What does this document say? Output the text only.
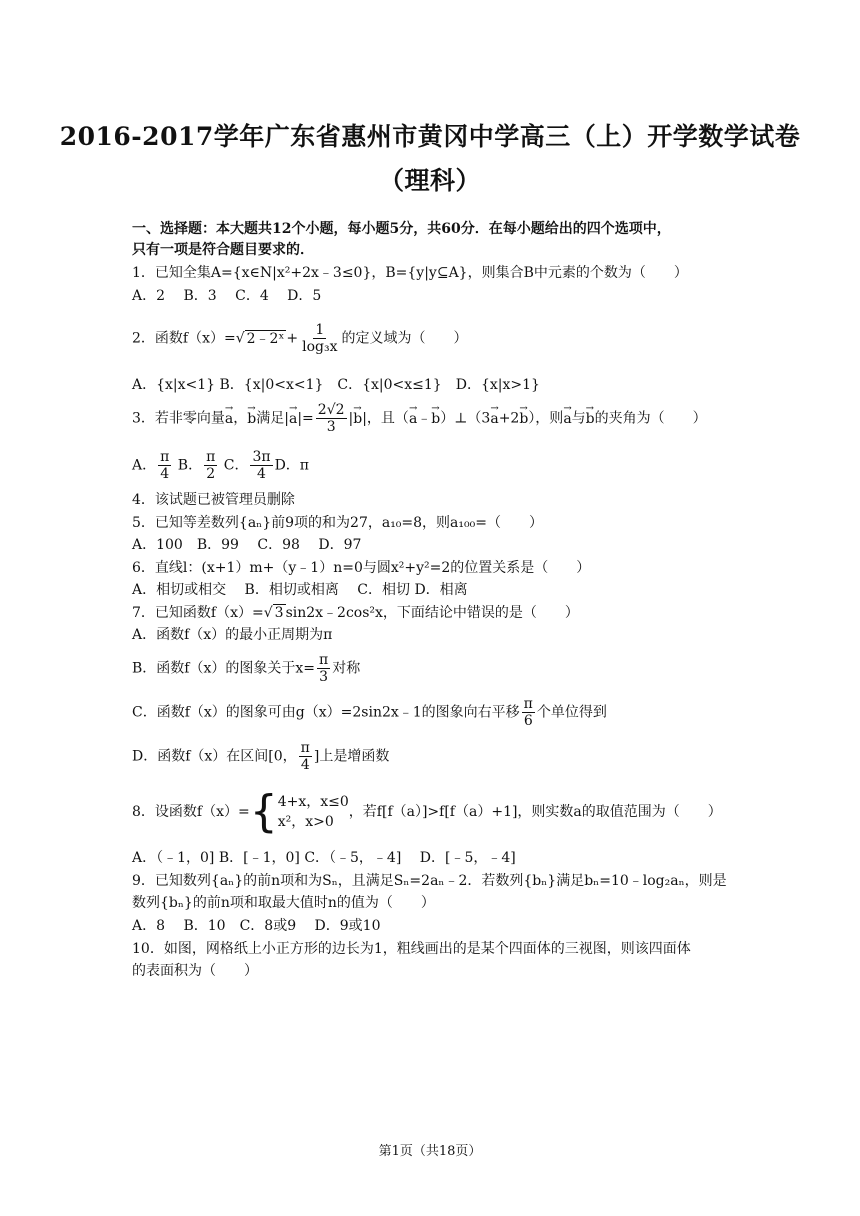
2016-2017学年广东省惠州市黄冈中学高三（上）开学数学试卷
（理科）
一、选择题：本大题共12个小题，每小题5分，共60分．在每小题给出的四个选项中，
只有一项是符合题目要求的．
1．已知全集A={x∈N|x²+2x﹣3≤0}，B={y|y⊆A}，则集合B中元素的个数为（　　）
A．2　 B．3　 C．4　 D．5
2．函数f（x）=√ 2﹣2ˣ + $\frac{1}{\text{log₃x}}$ 的定义域为（　　）
A．{x|x<1} B．{x|0<x<1}　C．{x|0<x≤1}　D．{x|x>1}
3．若非零向量→ a，→ b满足|→ $a|= \frac{2√2}{3}$ |→ b|，且（→ a﹣→ b）⊥（3→ a+2→ b），则→ a与→ b的夹角为（　　）
A． $\frac{\pi}{4}$ B． $\frac{\pi}{2}$ C． $\frac{3\pi}{4}$ D．π
4．该试题已被管理员删除
5．已知等差数列{aₙ}前9项的和为27，a₁₀=8，则a₁₀₀=（　　）
A．100　B．99　 C．98　 D．97
6．直线l：(x+1）m+（y﹣1）n=0与圆x²+y²=2的位置关系是（　　）
A．相切或相交　 B．相切或相离　 C．相切 D．相离
7．已知函数f（x）=√ 3 sin2x﹣2cos²x，下面结论中错误的是（　　）
A．函数f（x）的最小正周期为π
B．函数f（x）的图象关于$x= \frac{\pi}{3}$ 对称
C．函数f（x）的图象可由g（x）=2sin2x﹣1的图象向右平移 $\frac{\pi}{6}$ 个单位得到
D．函数f（x）在区间[0， $\frac{\pi}{4}$ ]上是增函数
8．设函数f（x）= { 4+x，x≤0
x²，x>0
，若f[f（a）]>f[f（a）+1]，则实数a的取值范围为（　　）
A．（﹣1，0] B．[﹣1，0] C．（﹣5，﹣4]　 D．[﹣5，﹣4]
9．已知数列{aₙ}的前n项和为Sₙ，且满足Sₙ=2aₙ﹣2．若数列{bₙ}满足bₙ=10﹣log₂aₙ，则是
数列{bₙ}的前n项和取最大值时n的值为（　　）
A．8　 B．10　C．8或9　 D．9或10
10．如图，网格纸上小正方形的边长为1，粗线画出的是某个四面体的三视图，则该四面体
的表面积为（　　）
第1页（共18页）
